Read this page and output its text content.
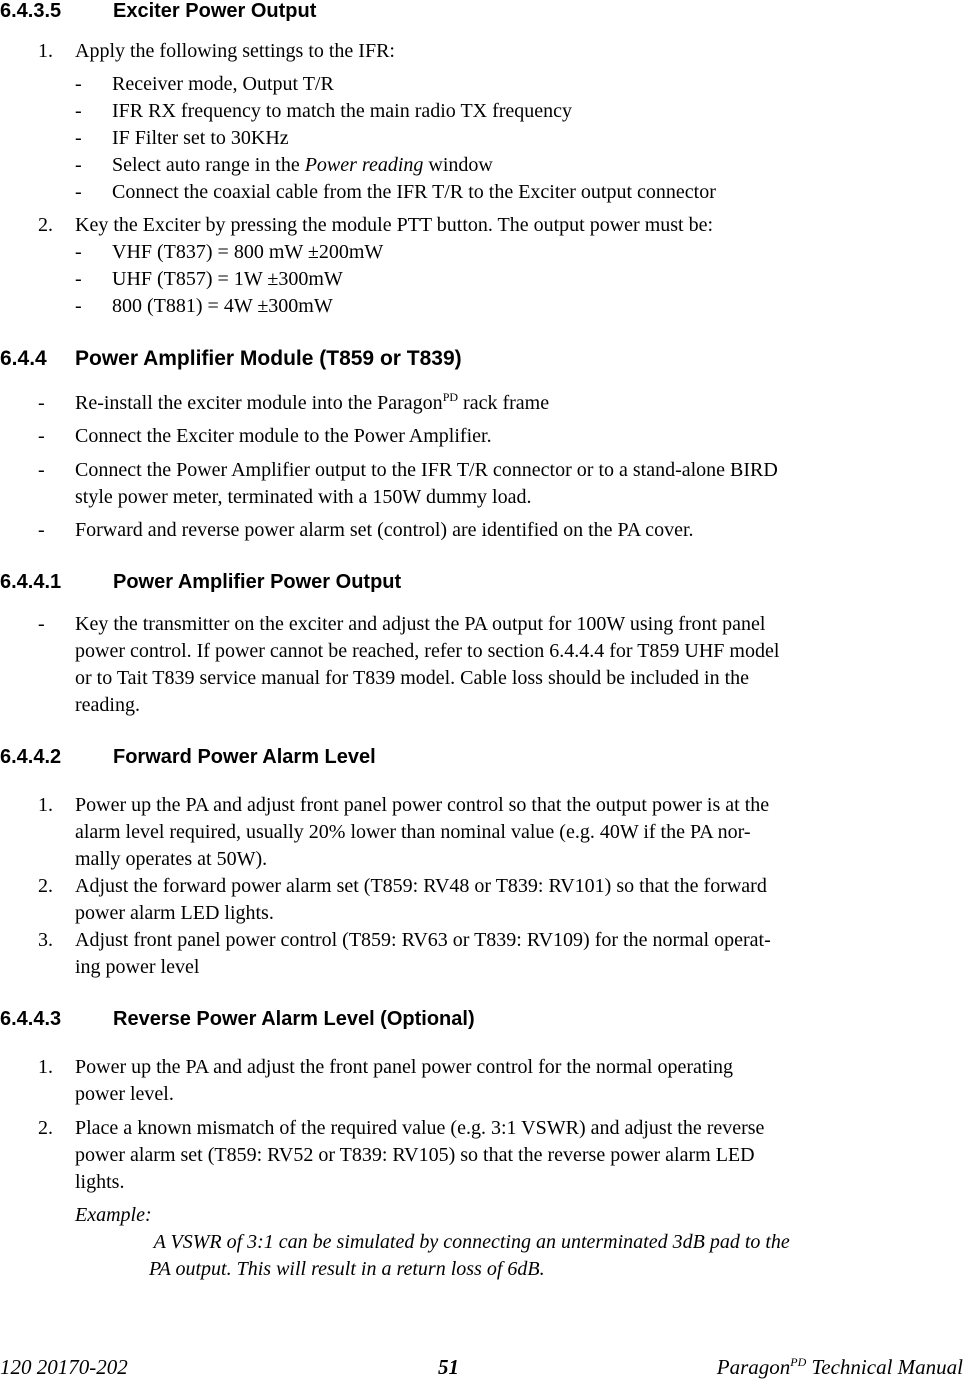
6.4.3.5	Exciter Power Output
1. Apply the following settings to the IFR:
- Receiver mode, Output T/R
- IFR RX frequency to match the main radio TX frequency
- IF Filter set to 30KHz
- Select auto range in the Power reading window
- Connect the coaxial cable from the IFR T/R to the Exciter output connector
2. Key the Exciter by pressing the module PTT button. The output power must be:
- VHF (T837) = 800 mW ±200mW
- UHF (T857) = 1W ±300mW
- 800 (T881) = 4W ±300mW
6.4.4 Power Amplifier Module (T859 or T839)
- Re-install the exciter module into the Paragon$^{PD}$ rack frame
- Connect the Exciter module to the Power Amplifier.
- Connect the Power Amplifier output to the IFR T/R connector or to a stand-alone BIRD
style power meter, terminated with a 150W dummy load.
- Forward and reverse power alarm set (control) are identified on the PA cover.
6.4.4.1	Power Amplifier Power Output
- Key the transmitter on the exciter and adjust the PA output for 100W using front panel
power control. If power cannot be reached, refer to section 6.4.4.4 for T859 UHF model
or to Tait T839 service manual for T839 model. Cable loss should be included in the
reading.
6.4.4.2	Forward Power Alarm Level
1. Power up the PA and adjust front panel power control so that the output power is at the
alarm level required, usually 20% lower than nominal value (e.g. 40W if the PA nor-
mally operates at 50W).
2. Adjust the forward power alarm set (T859: RV48 or T839: RV101) so that the forward
power alarm LED lights.
3. Adjust front panel power control (T859: RV63 or T839: RV109) for the normal operat-
ing power level
6.4.4.3	Reverse Power Alarm Level (Optional)
1. Power up the PA and adjust the front panel power control for the normal operating
power level.
2. Place a known mismatch of the required value (e.g. 3:1 VSWR) and adjust the reverse
power alarm set (T859: RV52 or T839: RV105) so that the reverse power alarm LED
lights.
Example:
A VSWR of 3:1 can be simulated by connecting an unterminated 3dB pad to the
PA output. This will result in a return loss of 6dB.
120 20170-202	51	Paragon$^{PD}$ Technical Manual
